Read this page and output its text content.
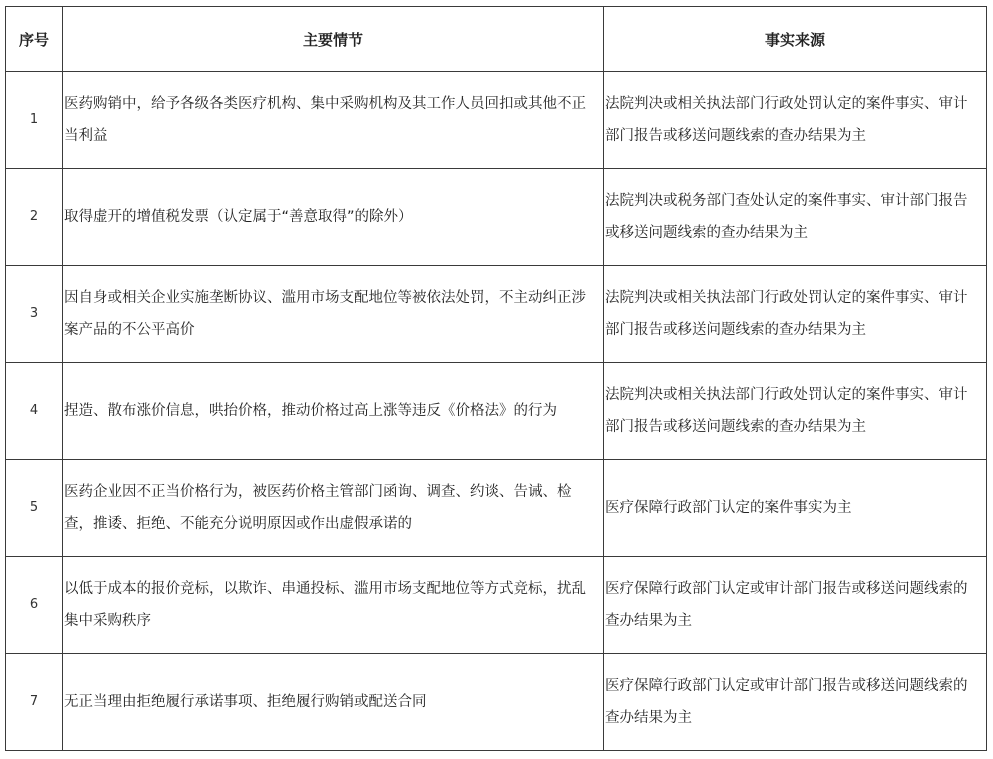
序号	主要情节	事实来源
1	医药购销中，给予各级各类医疗机构、集中采购机构及其工作人员回扣或其他不正当利益	法院判决或相关执法部门行政处罚认定的案件事实、审计部门报告或移送问题线索的查办结果为主
2	取得虚开的增值税发票（认定属于“善意取得”的除外）	法院判决或税务部门查处认定的案件事实、审计部门报告或移送问题线索的查办结果为主
3	因自身或相关企业实施垄断协议、滥用市场支配地位等被依法处罚，不主动纠正涉案产品的不公平高价	法院判决或相关执法部门行政处罚认定的案件事实、审计部门报告或移送问题线索的查办结果为主
4	捏造、散布涨价信息，哄抬价格，推动价格过高上涨等违反《价格法》的行为	法院判决或相关执法部门行政处罚认定的案件事实、审计部门报告或移送问题线索的查办结果为主
5	医药企业因不正当价格行为，被医药价格主管部门函询、调查、约谈、告诫、检查，推诿、拒绝、不能充分说明原因或作出虚假承诺的	医疗保障行政部门认定的案件事实为主
6	以低于成本的报价竞标，以欺诈、串通投标、滥用市场支配地位等方式竞标，扰乱集中采购秩序	医疗保障行政部门认定或审计部门报告或移送问题线索的查办结果为主
7	无正当理由拒绝履行承诺事项、拒绝履行购销或配送合同	医疗保障行政部门认定或审计部门报告或移送问题线索的查办结果为主
